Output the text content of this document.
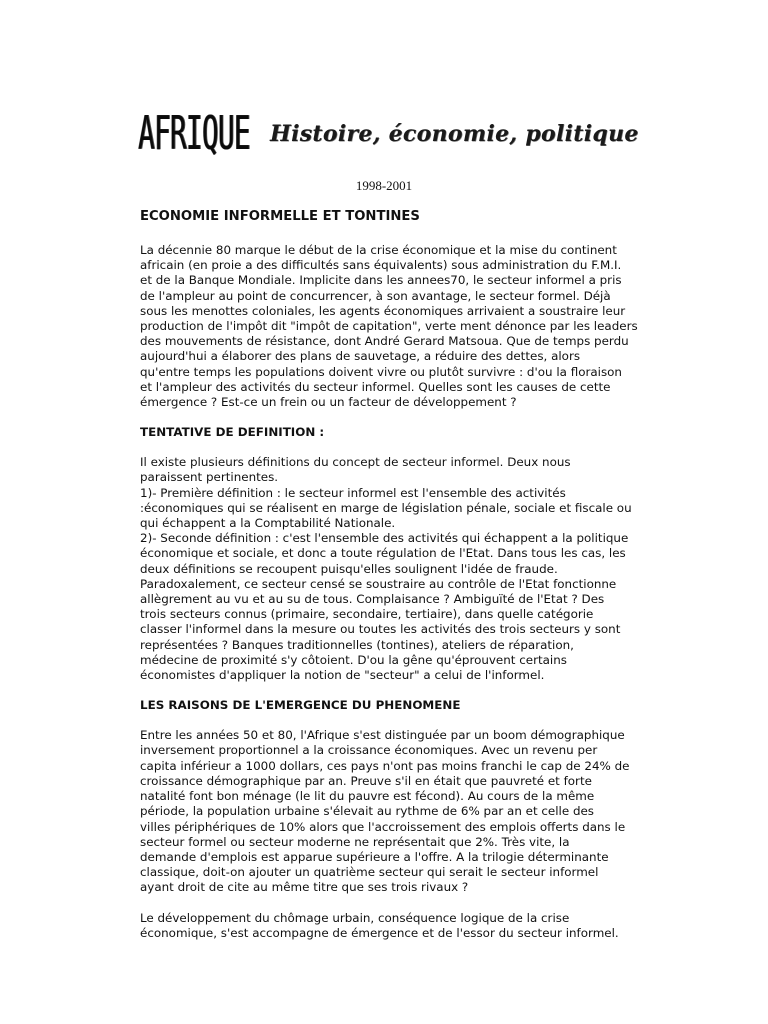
AFRIQUE Histoire, économie, politique
1998-2001
ECONOMIE INFORMELLE ET TONTINES

La décennie 80 marque le début de la crise économique et la mise du continent
africain (en proie a des difficultés sans équivalents) sous administration du F.M.I.
et de la Banque Mondiale. Implicite dans les annees70, le secteur informel a pris
de l'ampleur au point de concurrencer, à son avantage, le secteur formel. Déjà
sous les menottes coloniales, les agents économiques arrivaient a soustraire leur
production de l'impôt dit "impôt de capitation", verte ment dénonce par les leaders
des mouvements de résistance, dont André Gerard Matsoua. Que de temps perdu
aujourd'hui a élaborer des plans de sauvetage, a réduire des dettes, alors
qu'entre temps les populations doivent vivre ou plutôt survivre : d'ou la floraison
et l'ampleur des activités du secteur informel. Quelles sont les causes de cette
émergence ? Est-ce un frein ou un facteur de développement ?

TENTATIVE DE DEFINITION :

Il existe plusieurs définitions du concept de secteur informel. Deux nous
paraissent pertinentes.
1)- Première définition : le secteur informel est l'ensemble des activités
:économiques qui se réalisent en marge de législation pénale, sociale et fiscale ou
qui échappent a la Comptabilité Nationale.
2)- Seconde définition : c'est l'ensemble des activités qui échappent a la politique
économique et sociale, et donc a toute régulation de l'Etat. Dans tous les cas, les
deux définitions se recoupent puisqu'elles soulignent l'idée de fraude.
Paradoxalement, ce secteur censé se soustraire au contrôle de l'Etat fonctionne
allègrement au vu et au su de tous. Complaisance ? Ambiguïté de l'Etat ? Des
trois secteurs connus (primaire, secondaire, tertiaire), dans quelle catégorie
classer l'informel dans la mesure ou toutes les activités des trois secteurs y sont
représentées ? Banques traditionnelles (tontines), ateliers de réparation,
médecine de proximité s'y côtoient. D'ou la gêne qu'éprouvent certains
économistes d'appliquer la notion de "secteur" a celui de l'informel.

LES RAISONS DE L'EMERGENCE DU PHENOMENE

Entre les années 50 et 80, l'Afrique s'est distinguée par un boom démographique
inversement proportionnel a la croissance économiques. Avec un revenu per
capita inférieur a 1000 dollars, ces pays n'ont pas moins franchi le cap de 24% de
croissance démographique par an. Preuve s'il en était que pauvreté et forte
natalité font bon ménage (le lit du pauvre est fécond). Au cours de la même
période, la population urbaine s'élevait au rythme de 6% par an et celle des
villes périphériques de 10% alors que l'accroissement des emplois offerts dans le
secteur formel ou secteur moderne ne représentait que 2%. Très vite, la
demande d'emplois est apparue supérieure a l'offre. A la trilogie déterminante
classique, doit-on ajouter un quatrième secteur qui serait le secteur informel
ayant droit de cite au même titre que ses trois rivaux ?

Le développement du chômage urbain, conséquence logique de la crise
économique, s'est accompagne de émergence et de l'essor du secteur informel.
